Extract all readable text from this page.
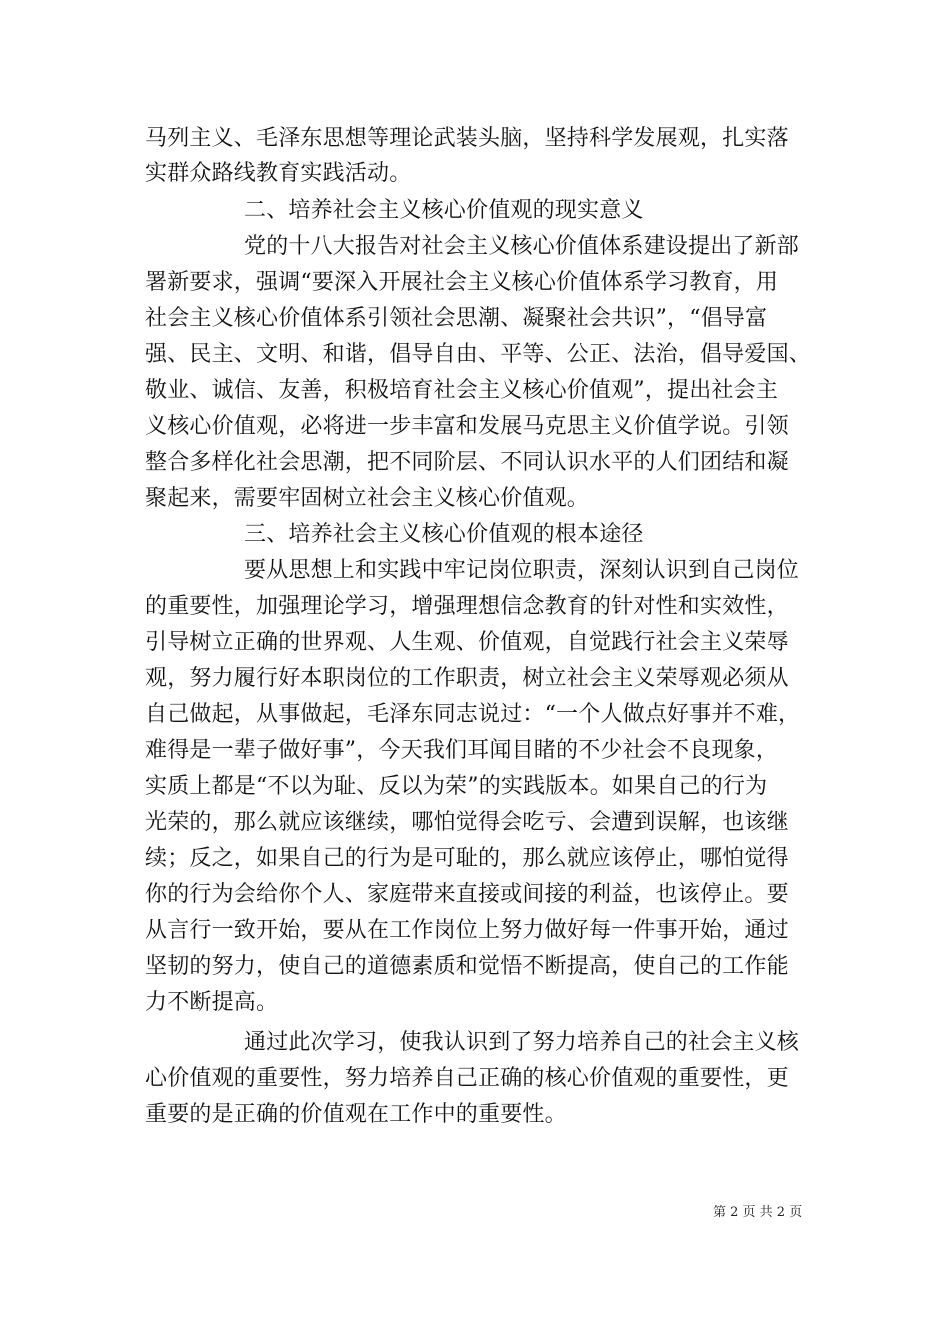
马列主义、毛泽东思想等理论武装头脑，坚持科学发展观，扎实落
实群众路线教育实践活动。
二、培养社会主义核心价值观的现实意义
党的十八大报告对社会主义核心价值体系建设提出了新部
署新要求，强调“要深入开展社会主义核心价值体系学习教育，用
社会主义核心价值体系引领社会思潮、凝聚社会共识”，“倡导富
强、民主、文明、和谐，倡导自由、平等、公正、法治，倡导爱国、
敬业、诚信、友善，积极培育社会主义核心价值观”，提出社会主
义核心价值观，必将进一步丰富和发展马克思主义价值学说。引领
整合多样化社会思潮，把不同阶层、不同认识水平的人们团结和凝
聚起来，需要牢固树立社会主义核心价值观。
三、培养社会主义核心价值观的根本途径
要从思想上和实践中牢记岗位职责，深刻认识到自己岗位
的重要性，加强理论学习，增强理想信念教育的针对性和实效性，
引导树立正确的世界观、人生观、价值观，自觉践行社会主义荣辱
观，努力履行好本职岗位的工作职责，树立社会主义荣辱观必须从
自己做起，从事做起，毛泽东同志说过：“一个人做点好事并不难，
难得是一辈子做好事”，今天我们耳闻目睹的不少社会不良现象，
实质上都是“不以为耻、反以为荣”的实践版本。如果自己的行为
光荣的，那么就应该继续，哪怕觉得会吃亏、会遭到误解，也该继
续；反之，如果自己的行为是可耻的，那么就应该停止，哪怕觉得
你的行为会给你个人、家庭带来直接或间接的利益，也该停止。要
从言行一致开始，要从在工作岗位上努力做好每一件事开始，通过
坚韧的努力，使自己的道德素质和觉悟不断提高，使自己的工作能
力不断提高。
通过此次学习，使我认识到了努力培养自己的社会主义核
心价值观的重要性，努力培养自己正确的核心价值观的重要性，更
重要的是正确的价值观在工作中的重要性。
第 2 页 共 2 页
